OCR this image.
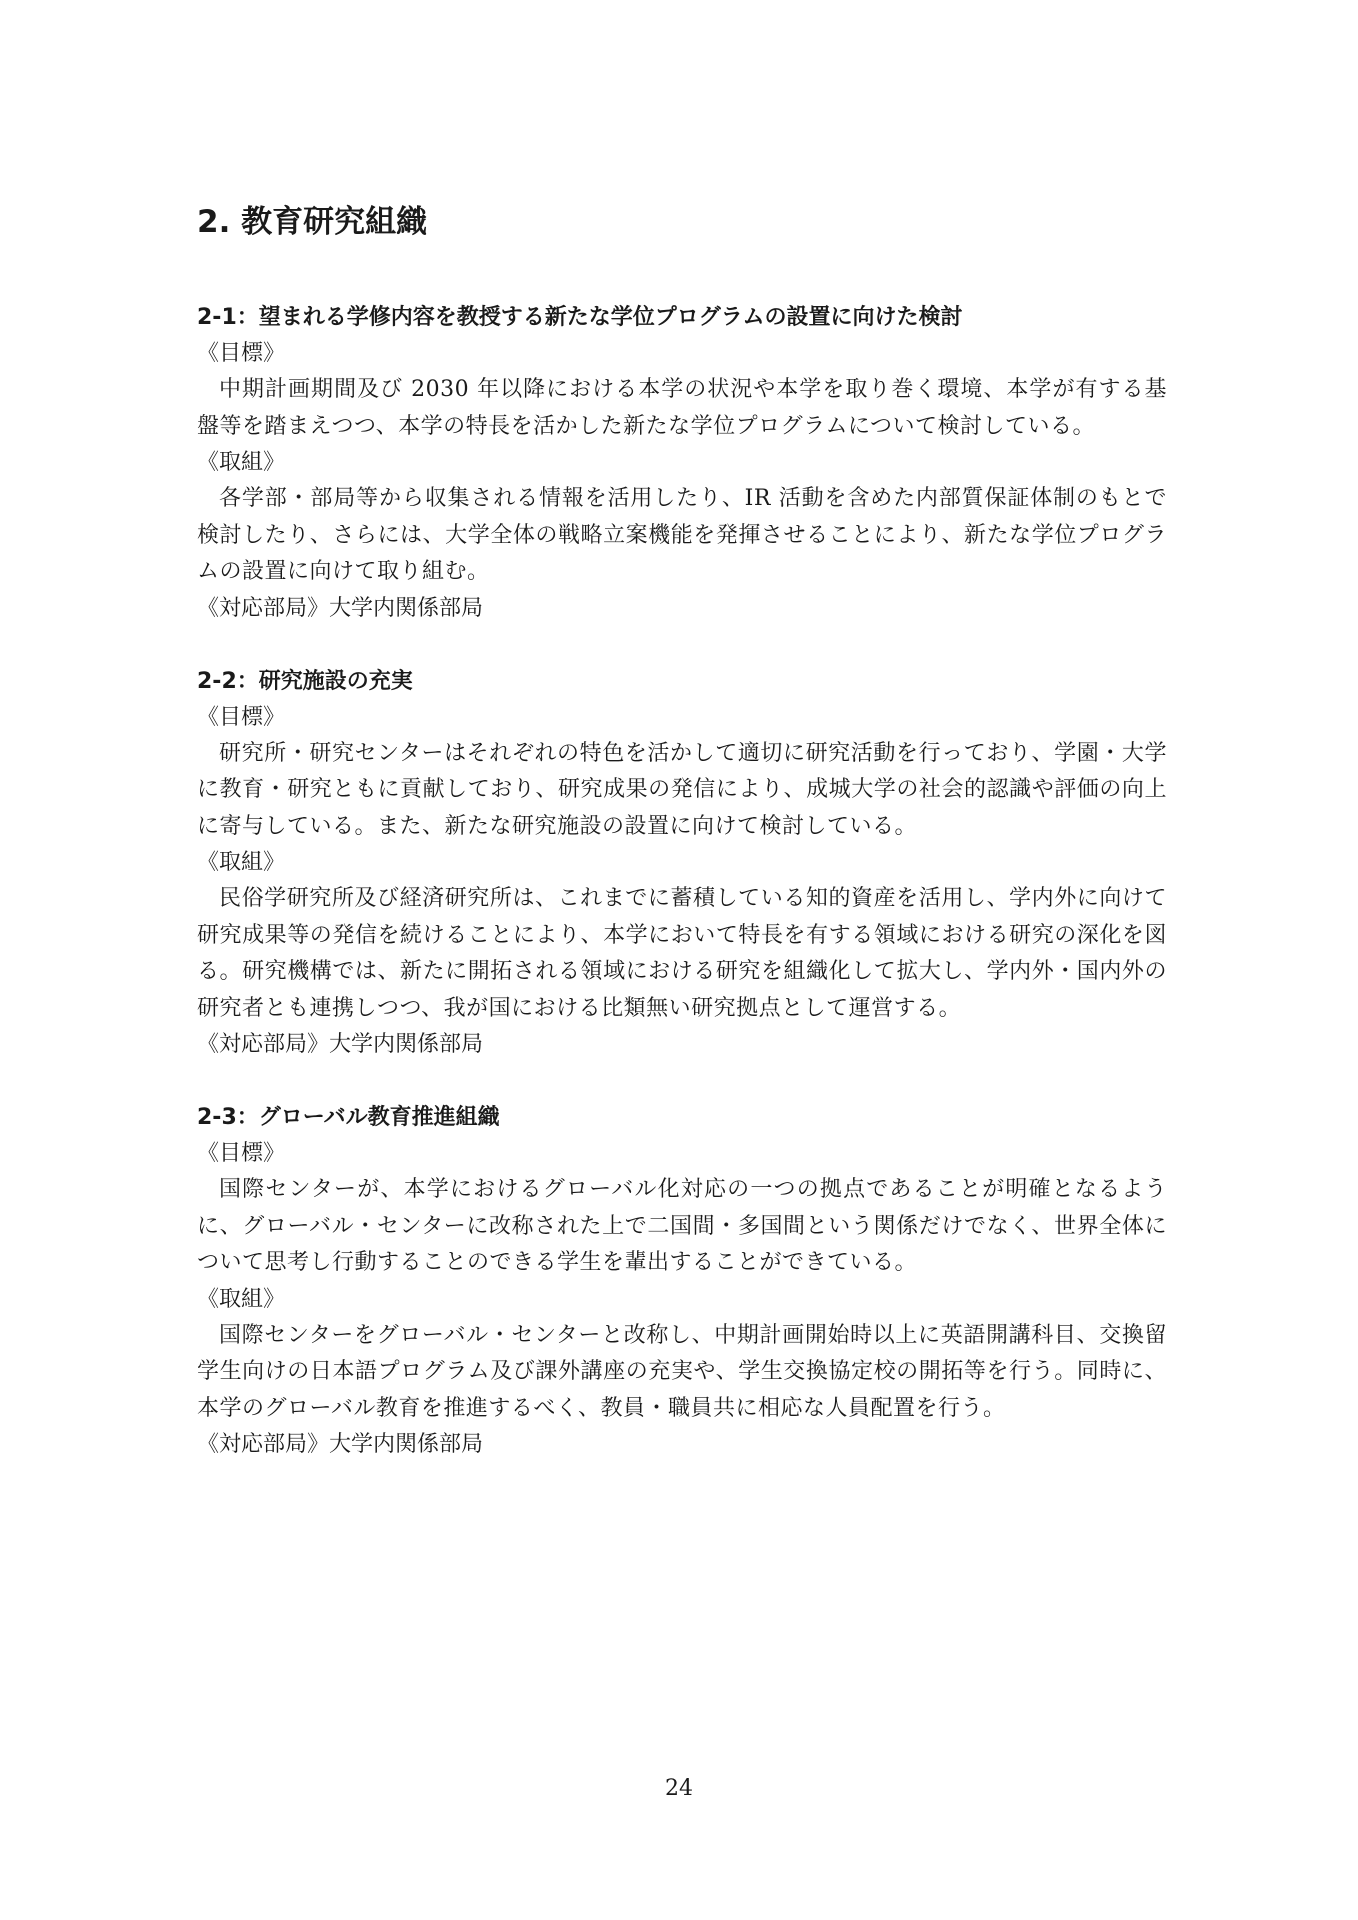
2. 教育研究組織

2-1：望まれる学修内容を教授する新たな学位プログラムの設置に向けた検討

《目標》

中期計画期間及び 2030 年以降における本学の状況や本学を取り巻く環境、本学が有する基盤等を踏まえつつ、本学の特長を活かした新たな学位プログラムについて検討している。

《取組》

各学部・部局等から収集される情報を活用したり、IR 活動を含めた内部質保証体制のもとで検討したり、さらには、大学全体の戦略立案機能を発揮させることにより、新たな学位プログラムの設置に向けて取り組む。

《対応部局》大学内関係部局

2-2：研究施設の充実

《目標》

研究所・研究センターはそれぞれの特色を活かして適切に研究活動を行っており、学園・大学に教育・研究ともに貢献しており、研究成果の発信により、成城大学の社会的認識や評価の向上に寄与している。また、新たな研究施設の設置に向けて検討している。

《取組》

民俗学研究所及び経済研究所は、これまでに蓄積している知的資産を活用し、学内外に向けて研究成果等の発信を続けることにより、本学において特長を有する領域における研究の深化を図る。研究機構では、新たに開拓される領域における研究を組織化して拡大し、学内外・国内外の研究者とも連携しつつ、我が国における比類無い研究拠点として運営する。

《対応部局》大学内関係部局

2-3：グローバル教育推進組織

《目標》

国際センターが、本学におけるグローバル化対応の一つの拠点であることが明確となるように、グローバル・センターに改称された上で二国間・多国間という関係だけでなく、世界全体について思考し行動することのできる学生を輩出することができている。

《取組》

国際センターをグローバル・センターと改称し、中期計画開始時以上に英語開講科目、交換留学生向けの日本語プログラム及び課外講座の充実や、学生交換協定校の開拓等を行う。同時に、本学のグローバル教育を推進するべく、教員・職員共に相応な人員配置を行う。

《対応部局》大学内関係部局

24
